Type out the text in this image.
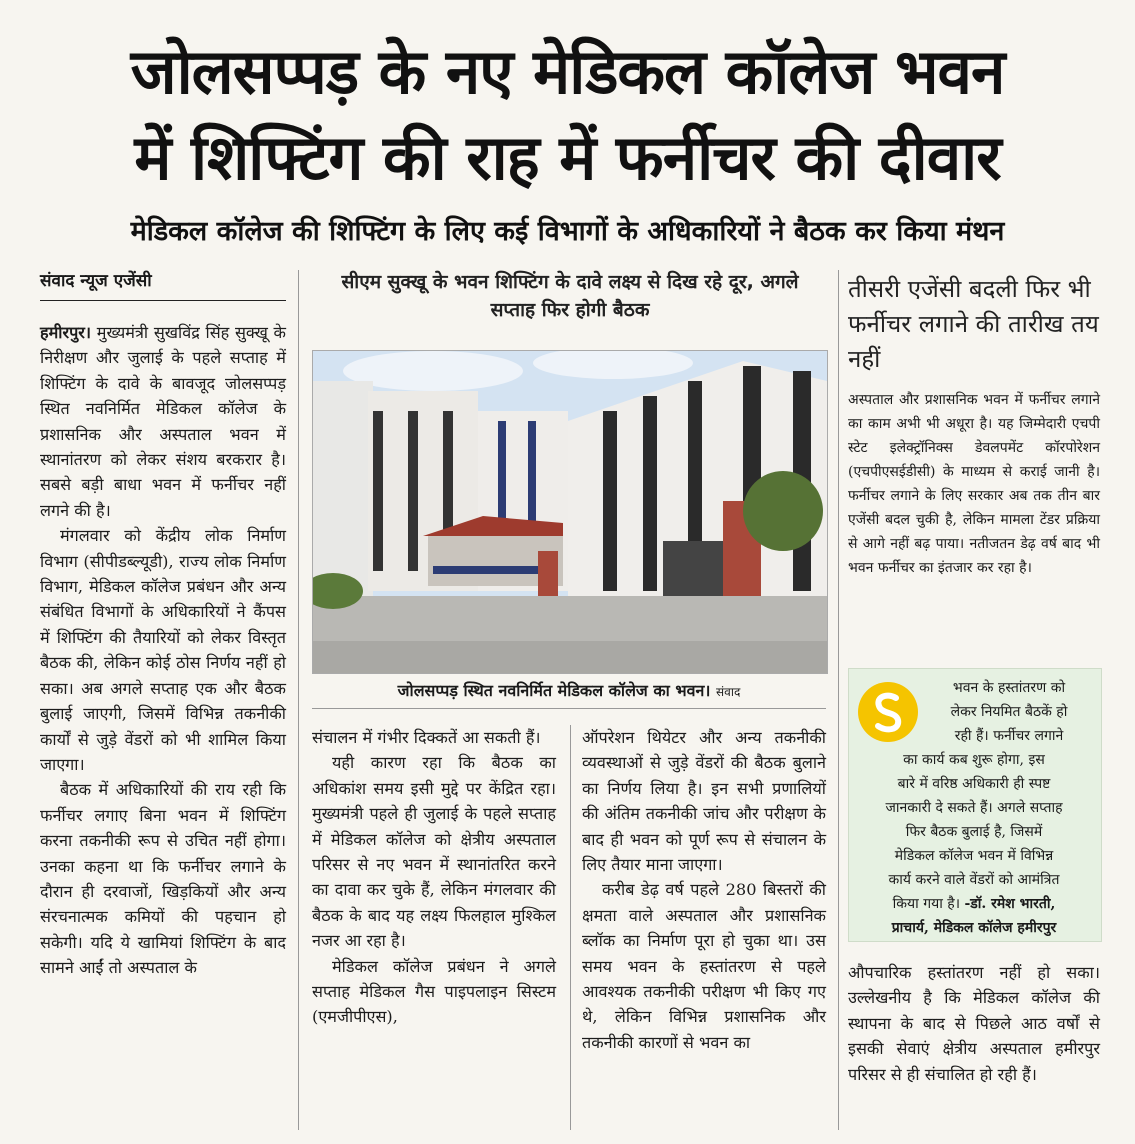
जोलसप्पड़ के नए मेडिकल कॉलेज भवन
में शिफ्टिंग की राह में फर्नीचर की दीवार
मेडिकल कॉलेज की शिफ्टिंग के लिए कई विभागों के अधिकारियों ने बैठक कर किया मंथन
संवाद न्यूज एजेंसी

हमीरपुर। मुख्यमंत्री सुखविंद्र सिंह सुक्खू के निरीक्षण और जुलाई के पहले सप्ताह में शिफ्टिंग के दावे के बावजूद जोलसप्पड़ स्थित नवनिर्मित मेडिकल कॉलेज के प्रशासनिक और अस्पताल भवन में स्थानांतरण को लेकर संशय बरकरार है। सबसे बड़ी बाधा भवन में फर्नीचर नहीं लगने की है।

मंगलवार को केंद्रीय लोक निर्माण विभाग (सीपीडब्ल्यूडी), राज्य लोक निर्माण विभाग, मेडिकल कॉलेज प्रबंधन और अन्य संबंधित विभागों के अधिकारियों ने कैंपस में शिफ्टिंग की तैयारियों को लेकर विस्तृत बैठक की, लेकिन कोई ठोस निर्णय नहीं हो सका। अब अगले सप्ताह एक और बैठक बुलाई जाएगी, जिसमें विभिन्न तकनीकी कार्यों से जुड़े वेंडरों को भी शामिल किया जाएगा।

बैठक में अधिकारियों की राय रही कि फर्नीचर लगाए बिना भवन में शिफ्टिंग करना तकनीकी रूप से उचित नहीं होगा। उनका कहना था कि फर्नीचर लगाने के दौरान ही दरवाजों, खिड़कियों और अन्य संरचनात्मक कमियों की पहचान हो सकेगी। यदि ये खामियां शिफ्टिंग के बाद सामने आईं तो अस्पताल के

सीएम सुक्खू के भवन शिफ्टिंग के दावे लक्ष्य से दिख रहे दूर, अगले सप्ताह फिर होगी बैठक
जोलसप्पड़ स्थित नवनिर्मित मेडिकल कॉलेज का भवन। संवाद

संचालन में गंभीर दिक्कतें आ सकती हैं।

यही कारण रहा कि बैठक का अधिकांश समय इसी मुद्दे पर केंद्रित रहा। मुख्यमंत्री पहले ही जुलाई के पहले सप्ताह में मेडिकल कॉलेज को क्षेत्रीय अस्पताल परिसर से नए भवन में स्थानांतरित करने का दावा कर चुके हैं, लेकिन मंगलवार की बैठक के बाद यह लक्ष्य फिलहाल मुश्किल नजर आ रहा है।

मेडिकल कॉलेज प्रबंधन ने अगले सप्ताह मेडिकल गैस पाइपलाइन सिस्टम (एमजीपीएस),

ऑपरेशन थियेटर और अन्य तकनीकी व्यवस्थाओं से जुड़े वेंडरों की बैठक बुलाने का निर्णय लिया है। इन सभी प्रणालियों की अंतिम तकनीकी जांच और परीक्षण के बाद ही भवन को पूर्ण रूप से संचालन के लिए तैयार माना जाएगा।

करीब डेढ़ वर्ष पहले 280 बिस्तरों की क्षमता वाले अस्पताल और प्रशासनिक ब्लॉक का निर्माण पूरा हो चुका था। उस समय भवन के हस्तांतरण से पहले आवश्यक तकनीकी परीक्षण भी किए गए थे, लेकिन विभिन्न प्रशासनिक और तकनीकी कारणों से भवन का

तीसरी एजेंसी बदली फिर भी फर्नीचर लगाने की तारीख तय नहीं
अस्पताल और प्रशासनिक भवन में फर्नीचर लगाने का काम अभी भी अधूरा है। यह जिम्मेदारी एचपी स्टेट इलेक्ट्रॉनिक्स डेवलपमेंट कॉरपोरेशन (एचपीएसईडीसी) के माध्यम से कराई जानी है। फर्नीचर लगाने के लिए सरकार अब तक तीन बार एजेंसी बदल चुकी है, लेकिन मामला टेंडर प्रक्रिया से आगे नहीं बढ़ पाया। नतीजतन डेढ़ वर्ष बाद भी भवन फर्नीचर का इंतजार कर रहा है।
भवन के हस्तांतरण को
लेकर नियमित बैठकें हो
रही हैं। फर्नीचर लगाने
का कार्य कब शुरू होगा, इस
बारे में वरिष्ठ अधिकारी ही स्पष्ट
जानकारी दे सकते हैं। अगले सप्ताह
फिर बैठक बुलाई है, जिसमें
मेडिकल कॉलेज भवन में विभिन्न
कार्य करने वाले वेंडरों को आमंत्रित
किया गया है। -डॉ. रमेश भारती,
प्राचार्य, मेडिकल कॉलेज हमीरपुर

औपचारिक हस्तांतरण नहीं हो सका। उल्लेखनीय है कि मेडिकल कॉलेज की स्थापना के बाद से पिछले आठ वर्षों से इसकी सेवाएं क्षेत्रीय अस्पताल हमीरपुर परिसर से ही संचालित हो रही हैं।
